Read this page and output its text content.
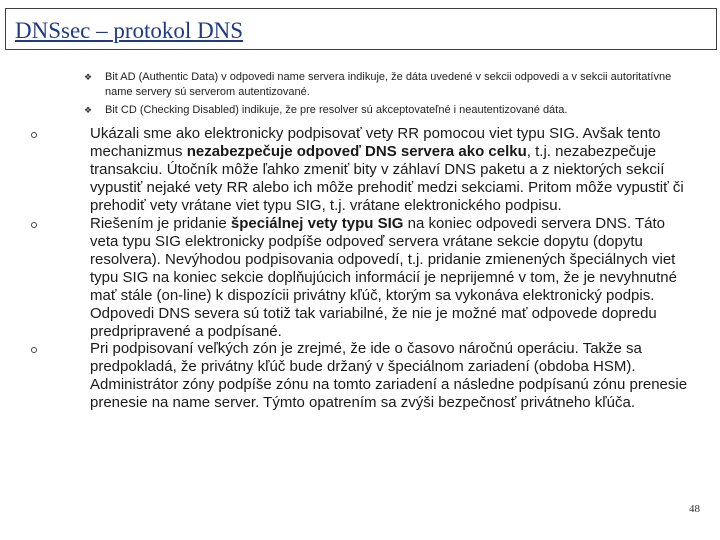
DNSsec – protokol DNS
❖ Bit AD (Authentic Data) v odpovedi name servera indikuje, že dáta uvedené v sekcii odpovedi a v sekcii autoritatívne name servery sú serverom autentizované.
❖ Bit CD (Checking Disabled) indikuje, že pre resolver sú akceptovateľné i neautentizované dáta.
Ukázali sme ako elektronicky podpisovať vety RR pomocou viet typu SIG. Avšak tento mechanizmus nezabezpečuje odpoveď DNS servera ako celku, t.j. nezabezpečuje transakciu. Útočník môže ľahko zmeniť bity v záhlaví DNS paketu a z niektorých sekcií vypustiť nejaké vety RR alebo ich môže prehodiť medzi sekciami. Pritom môže vypustiť či prehodiť vety vrátane viet typu SIG, t.j. vrátane elektronického podpisu.
Riešením je pridanie špeciálnej vety typu SIG na koniec odpovedi servera DNS. Táto veta typu SIG elektronicky podpíše odpoveď servera vrátane sekcie dopytu (dopytu resolvera). Nevýhodou podpisovania odpovedí, t.j. pridanie zmienených špeciálnych viet typu SIG na koniec sekcie doplňujúcich informácií je neprijemné v tom, že je nevyhnutné mať stále (on-line) k dispozícii privátny kľúč, ktorým sa vykonáva elektronický podpis. Odpovedi DNS severa sú totiž tak variabilné, že nie je možné mať odpovede dopredu predpripravené a podpísané.
Pri podpisovaní veľkých zón je zrejmé, že ide o časovo náročnú operáciu. Takže sa predpokladá, že privátny kľúč bude držaný v špeciálnom zariadení (obdoba HSM). Administrátor zóny podpíše zónu na tomto zariadení a následne podpísanú zónu prenesie prenesie na name server. Týmto opatrením sa zvýši bezpečnosť privátneho kľúča.
48
